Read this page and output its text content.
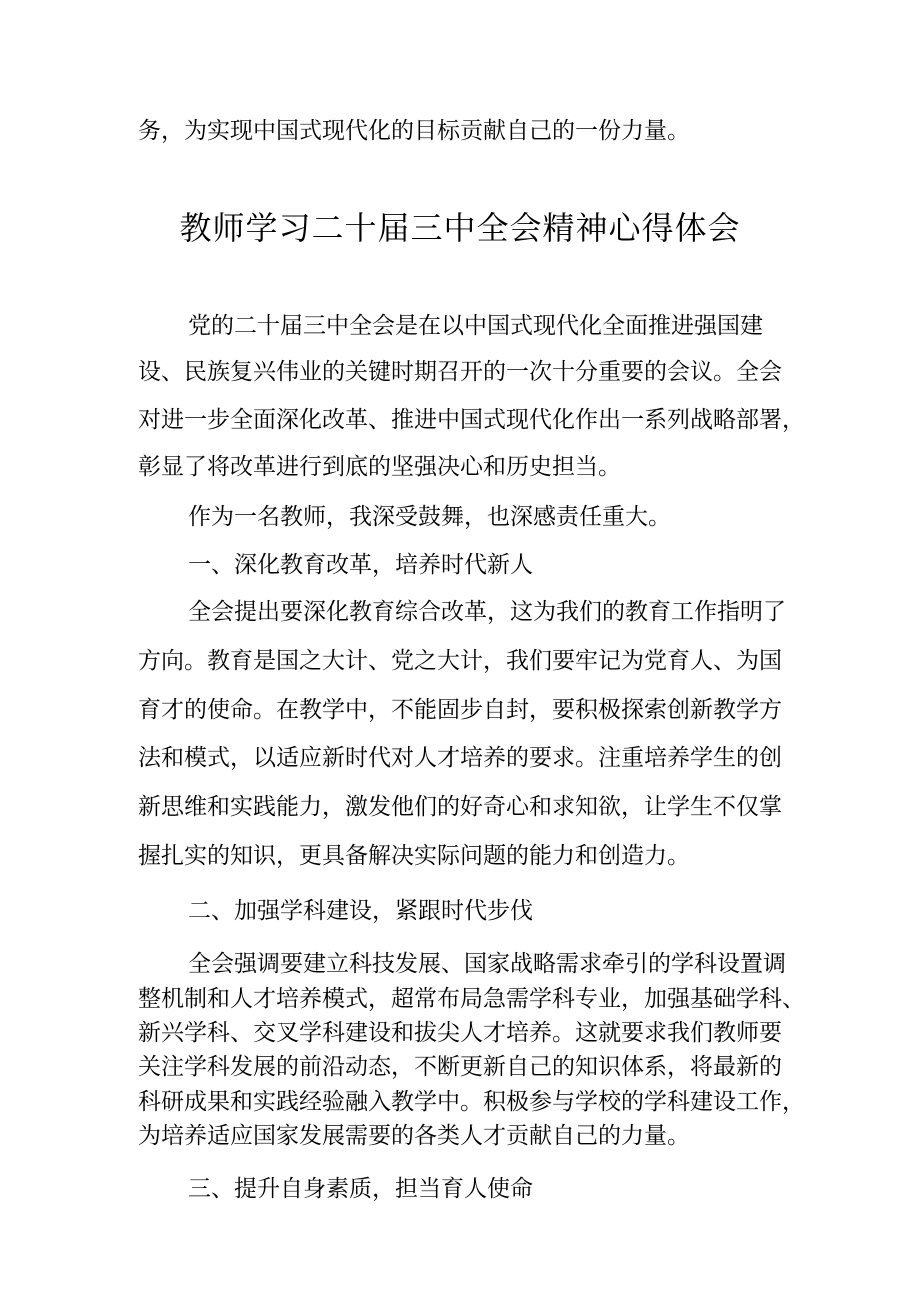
务，为实现中国式现代化的目标贡献自己的一份力量。
教师学习二十届三中全会精神心得体会
党的二十届三中全会是在以中国式现代化全面推进强国建
设、民族复兴伟业的关键时期召开的一次十分重要的会议。全会
对进一步全面深化改革、推进中国式现代化作出一系列战略部署，
彰显了将改革进行到底的坚强决心和历史担当。
作为一名教师，我深受鼓舞，也深感责任重大。
一、深化教育改革，培养时代新人
全会提出要深化教育综合改革，这为我们的教育工作指明了
方向。教育是国之大计、党之大计，我们要牢记为党育人、为国
育才的使命。在教学中，不能固步自封，要积极探索创新教学方
法和模式，以适应新时代对人才培养的要求。注重培养学生的创
新思维和实践能力，激发他们的好奇心和求知欲，让学生不仅掌
握扎实的知识，更具备解决实际问题的能力和创造力。
二、加强学科建设，紧跟时代步伐
全会强调要建立科技发展、国家战略需求牵引的学科设置调
整机制和人才培养模式，超常布局急需学科专业，加强基础学科、
新兴学科、交叉学科建设和拔尖人才培养。这就要求我们教师要
关注学科发展的前沿动态，不断更新自己的知识体系，将最新的
科研成果和实践经验融入教学中。积极参与学校的学科建设工作，
为培养适应国家发展需要的各类人才贡献自己的力量。
三、提升自身素质，担当育人使命
